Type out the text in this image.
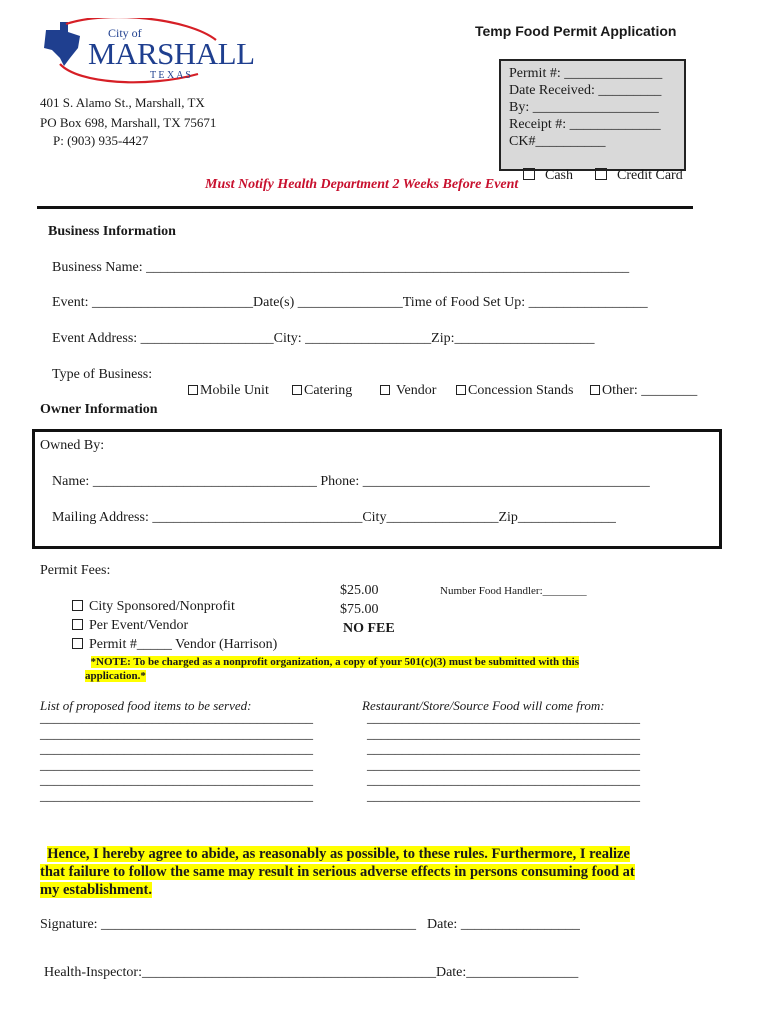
City of
MARSHALL
T E X A S
Temp Food Permit Application
401 S. Alamo St., Marshall, TX
PO Box 698, Marshall, TX 75671
P: (903) 935-4427
Permit #: ______________
Date Received: _________
By: __________________
Receipt #: _____________
CK#__________

Cash	Credit Card

Must Notify Health Department 2 Weeks Before Event
Business Information
Business Name: _____________________________________________________________________
Event: _______________________Date(s) _______________Time of Food Set Up: _________________
Event Address: ___________________City: __________________Zip:____________________
Type of Business:

Mobile Unit	Catering	Vendor	Concession Stands	Other: ________

Owner Information
Owned By:
Name: ________________________________ Phone: _________________________________________
Mailing Address: ______________________________City________________Zip______________
Permit Fees:

City Sponsored/Nonprofit

$25.00

Per Event/Vendor

$75.00

Permit #_____ Vendor (Harrison)

NO FEE
Number Food Handler:________

*NOTE: To be charged as a nonprofit organization, a copy of your 501(c)(3) must be submitted with this
application.*

List of proposed food items to be served:	Restaurant/Store/Source Food will come from:
_______________________________________
_______________________________________
_______________________________________
_______________________________________
_______________________________________
_______________________________________
_______________________________________
_______________________________________
_______________________________________
_______________________________________
_______________________________________
_______________________________________

Hence, I hereby agree to abide, as reasonably as possible, to these rules. Furthermore, I realize
that failure to follow the same may result in serious adverse effects in persons consuming food at
my establishment.

Signature: _____________________________________________ Date: _________________
Health-Inspector:__________________________________________Date:________________
